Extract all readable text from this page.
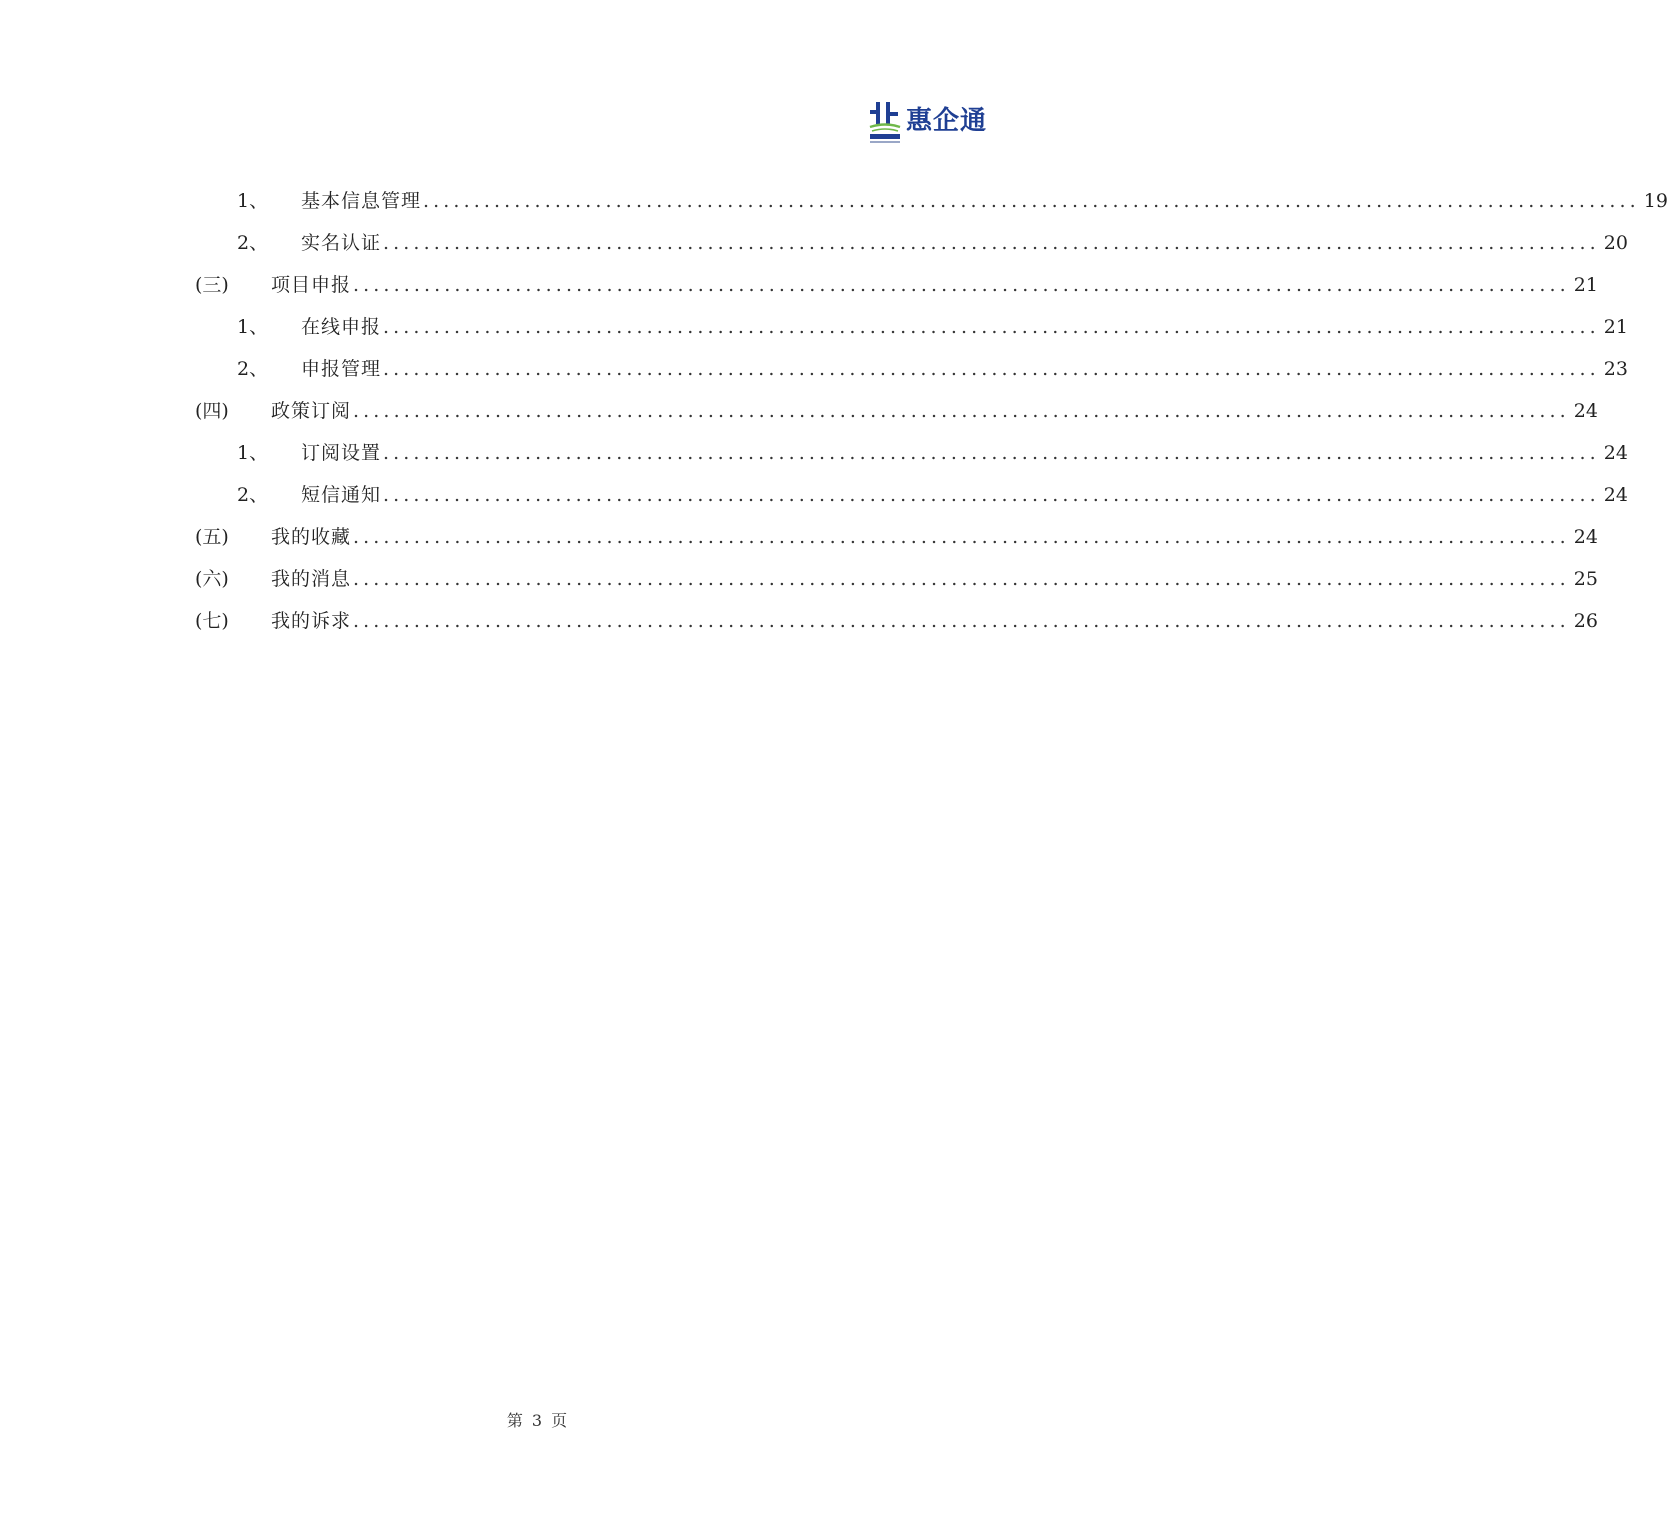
惠企通
1、	基本信息管理 ........................................................................................................................ 19
2、	实名认证 ........................................................................................................................ 20
(三)	项目申报 ........................................................................................................................ 21
1、	在线申报 ........................................................................................................................ 21
2、	申报管理 ........................................................................................................................ 23
(四)	政策订阅 ........................................................................................................................ 24
1、	订阅设置 ........................................................................................................................ 24
2、	短信通知 ........................................................................................................................ 24
(五)	我的收藏 ........................................................................................................................ 24
(六)	我的消息 ........................................................................................................................ 25
(七)	我的诉求 ........................................................................................................................ 26
第 3 页
